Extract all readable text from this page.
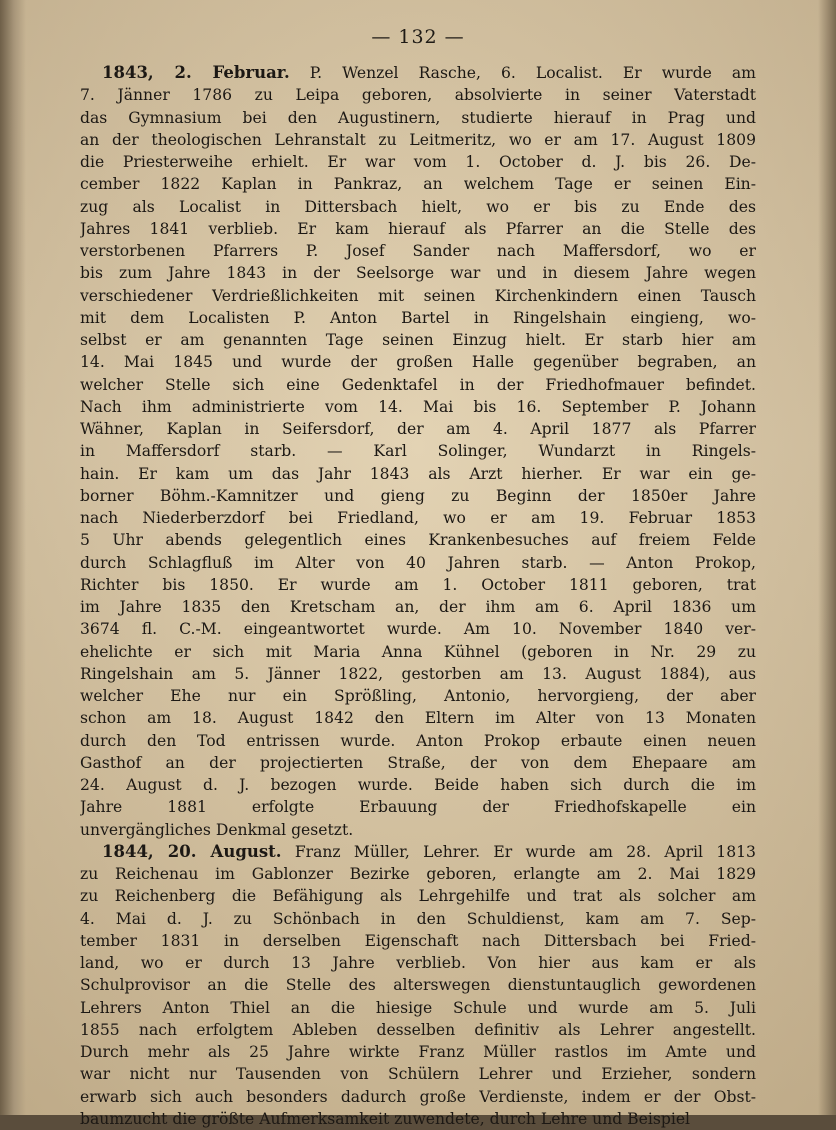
— 132 —
1843, 2. Februar. P. Wenzel Rasche, 6. Localist. Er wurde am
7. Jänner 1786 zu Leipa geboren, absolvierte in seiner Vaterstadt
das Gymnasium bei den Augustinern, studierte hierauf in Prag und
an der theologischen Lehranstalt zu Leitmeritz, wo er am 17. August 1809
die Priesterweihe erhielt. Er war vom 1. October d. J. bis 26. De-
cember 1822 Kaplan in Pankraz, an welchem Tage er seinen Ein-
zug als Localist in Dittersbach hielt, wo er bis zu Ende des
Jahres 1841 verblieb. Er kam hierauf als Pfarrer an die Stelle des
verstorbenen Pfarrers P. Josef Sander nach Maffersdorf, wo er
bis zum Jahre 1843 in der Seelsorge war und in diesem Jahre wegen
verschiedener Verdrießlichkeiten mit seinen Kirchenkindern einen Tausch
mit dem Localisten P. Anton Bartel in Ringelshain eingieng, wo-
selbst er am genannten Tage seinen Einzug hielt. Er starb hier am
14. Mai 1845 und wurde der großen Halle gegenüber begraben, an
welcher Stelle sich eine Gedenktafel in der Friedhofmauer befindet.
Nach ihm administrierte vom 14. Mai bis 16. September P. Johann
Wähner, Kaplan in Seifersdorf, der am 4. April 1877 als Pfarrer
in Maffersdorf starb. — Karl Solinger, Wundarzt in Ringels-
hain. Er kam um das Jahr 1843 als Arzt hierher. Er war ein ge-
borner Böhm.-Kamnitzer und gieng zu Beginn der 1850er Jahre
nach Niederberzdorf bei Friedland, wo er am 19. Februar 1853
5 Uhr abends gelegentlich eines Krankenbesuches auf freiem Felde
durch Schlagfluß im Alter von 40 Jahren starb. — Anton Prokop,
Richter bis 1850. Er wurde am 1. October 1811 geboren, trat
im Jahre 1835 den Kretscham an, der ihm am 6. April 1836 um
3674 fl. C.-M. eingeantwortet wurde. Am 10. November 1840 ver-
ehelichte er sich mit Maria Anna Kühnel (geboren in Nr. 29 zu
Ringelshain am 5. Jänner 1822, gestorben am 13. August 1884), aus
welcher Ehe nur ein Sprößling, Antonio, hervorgieng, der aber
schon am 18. August 1842 den Eltern im Alter von 13 Monaten
durch den Tod entrissen wurde. Anton Prokop erbaute einen neuen
Gasthof an der projectierten Straße, der von dem Ehepaare am
24. August d. J. bezogen wurde. Beide haben sich durch die im
Jahre 1881 erfolgte Erbauung der Friedhofskapelle ein
unvergängliches Denkmal gesetzt.
1844, 20. August. Franz Müller, Lehrer. Er wurde am 28. April 1813
zu Reichenau im Gablonzer Bezirke geboren, erlangte am 2. Mai 1829
zu Reichenberg die Befähigung als Lehrgehilfe und trat als solcher am
4. Mai d. J. zu Schönbach in den Schuldienst, kam am 7. Sep-
tember 1831 in derselben Eigenschaft nach Dittersbach bei Fried-
land, wo er durch 13 Jahre verblieb. Von hier aus kam er als
Schulprovisor an die Stelle des alterswegen dienstuntauglich gewordenen
Lehrers Anton Thiel an die hiesige Schule und wurde am 5. Juli
1855 nach erfolgtem Ableben desselben definitiv als Lehrer angestellt.
Durch mehr als 25 Jahre wirkte Franz Müller rastlos im Amte und
war nicht nur Tausenden von Schülern Lehrer und Erzieher, sondern
erwarb sich auch besonders dadurch große Verdienste, indem er der Obst-
baumzucht die größte Aufmerksamkeit zuwendete, durch Lehre und Beispiel
